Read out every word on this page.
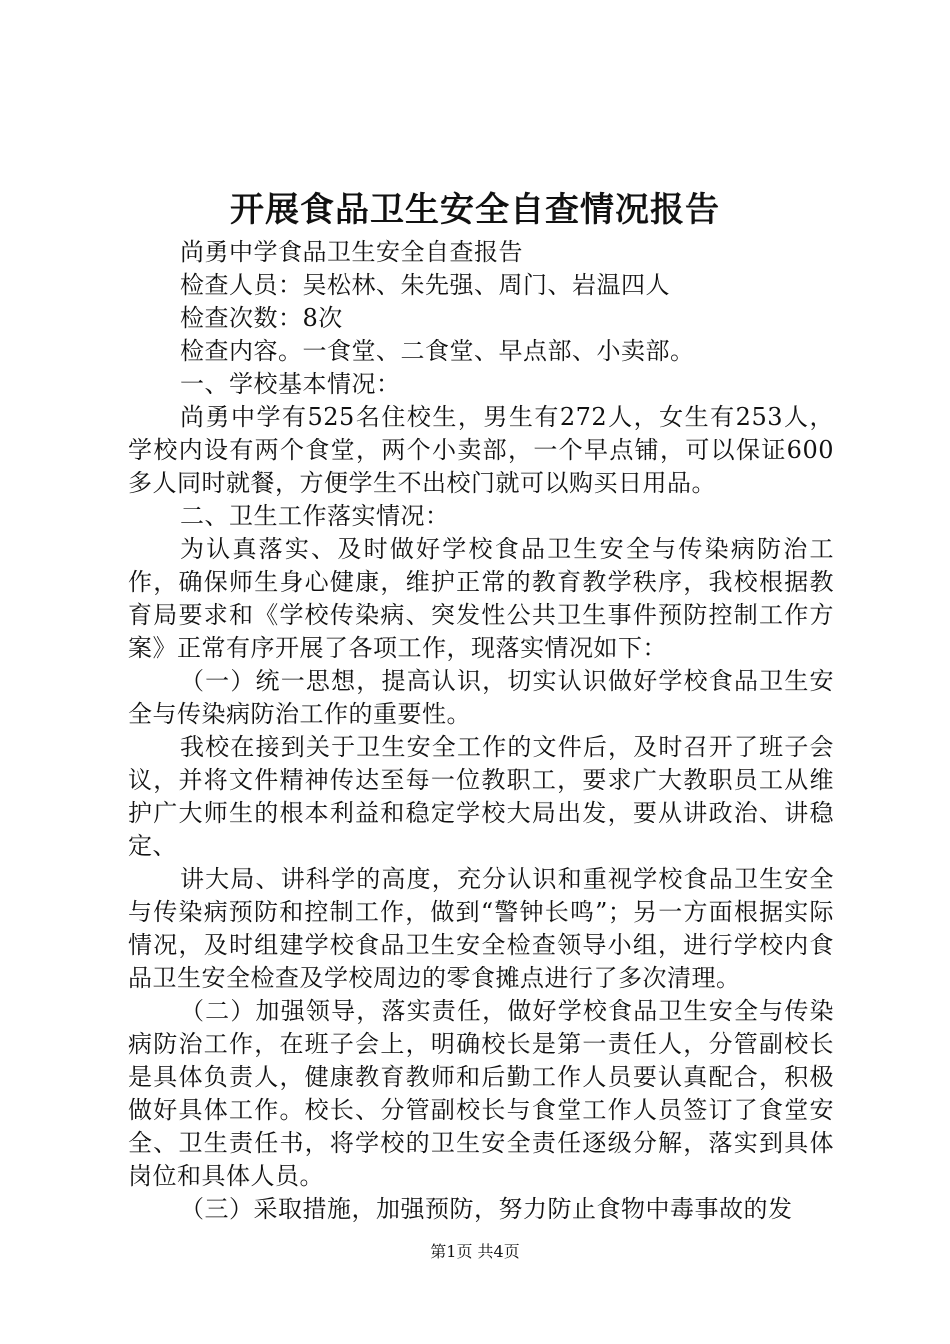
开展食品卫生安全自查情况报告

尚勇中学食品卫生安全自查报告

检查人员：吴松林、朱先强、周门、岩温四人

检查次数：8次

检查内容。一食堂、二食堂、早点部、小卖部。

一、学校基本情况：

尚勇中学有525名住校生，男生有272人，女生有253人，学校内设有两个食堂，两个小卖部，一个早点铺，可以保证600多人同时就餐，方便学生不出校门就可以购买日用品。

二、卫生工作落实情况：

为认真落实、及时做好学校食品卫生安全与传染病防治工作，确保师生身心健康，维护正常的教育教学秩序，我校根据教育局要求和《学校传染病、突发性公共卫生事件预防控制工作方案》正常有序开展了各项工作，现落实情况如下：

（一）统一思想，提高认识，切实认识做好学校食品卫生安全与传染病防治工作的重要性。

我校在接到关于卫生安全工作的文件后，及时召开了班子会议，并将文件精神传达至每一位教职工，要求广大教职员工从维护广大师生的根本利益和稳定学校大局出发，要从讲政治、讲稳定、

讲大局、讲科学的高度，充分认识和重视学校食品卫生安全与传染病预防和控制工作，做到“警钟长鸣”；另一方面根据实际情况，及时组建学校食品卫生安全检查领导小组，进行学校内食品卫生安全检查及学校周边的零食摊点进行了多次清理。

（二）加强领导，落实责任，做好学校食品卫生安全与传染病防治工作，在班子会上，明确校长是第一责任人，分管副校长是具体负责人，健康教育教师和后勤工作人员要认真配合，积极做好具体工作。校长、分管副校长与食堂工作人员签订了食堂安全、卫生责任书，将学校的卫生安全责任逐级分解，落实到具体岗位和具体人员。

（三）采取措施，加强预防，努力防止食物中毒事故的发

第1页 共4页
